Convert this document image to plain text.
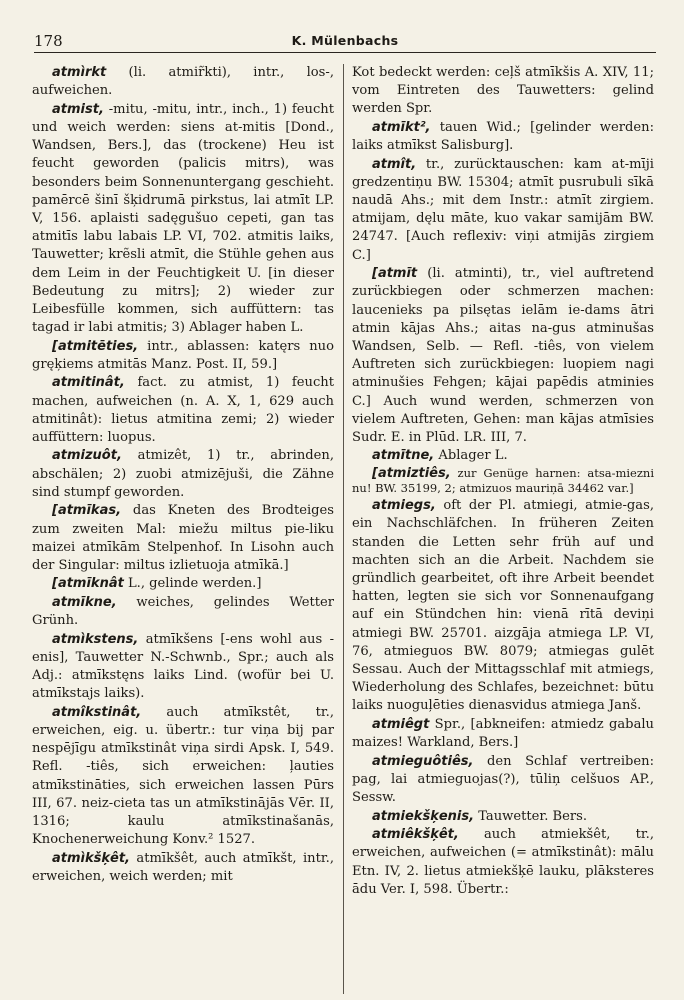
178	K. Mülenbachs

atmìrkt (li. atmir̃kti), intr., los-, aufweichen.

atmist, -mitu, -mitu, intr., inch., 1) feucht und weich werden: siens at-mitis [Dond., Wandsen, Bers.], das (trockene) Heu ist feucht geworden (palicis mitrs), was besonders beim Sonnenuntergang geschieht. pamērcē šinī šķidrumā pirkstus, lai atmīt LP. V, 156. aplaisti sadęgušuo cepeti, gan tas atmitīs labu labais LP. VI, 702. atmitis laiks, Tauwetter; krẽsli atmīt, die Stühle gehen aus dem Leim in der Feuchtigkeit U. [in dieser Bedeutung zu mitrs]; 2) wieder zur Leibesfülle kommen, sich auffüttern: tas tagad ir labi atmitis; 3) Ablager haben L.

[atmitēties, intr., ablassen: katęrs nuo gręķiems atmitās Manz. Post. II, 59.]

atmitinât, fact. zu atmist, 1) feucht machen, aufweichen (n. A. X, 1, 629 auch atmitinât): lietus atmitina zemi; 2) wieder auffüttern: luopus.

atmizuôt, atmizêt, 1) tr., abrinden, abschälen; 2) zuobi atmizējuši, die Zähne sind stumpf geworden.

[atmīkas, das Kneten des Brodteiges zum zweiten Mal: miežu miltus pie-liku maizei atmīkām Stelpenhof. In Lisohn auch der Singular: miltus izlietuoja atmīkā.]

[atmīknât L., gelinde werden.]

atmīkne, weiches, gelindes Wetter Grünh.

atmìkstens, atmīkšens [-ens wohl aus -enis], Tauwetter N.-Schwnb., Spr.; auch als Adj.: atmīkstęns laiks Lind. (wofür bei U. atmīkstajs laiks).

atmîkstinât, auch atmīkstêt, tr., erweichen, eig. u. übertr.: tur viņa bij par nespējīgu atmīkstinât viņa sirdi Apsk. I, 549. Refl. -tiês, sich erweichen: ļauties atmīkstināties, sich erweichen lassen Pūrs III, 67. neiz-cieta tas un atmīkstinājās Vēr. II, 1316; kaulu atmīkstinašanās, Knochenerweichung Konv.² 1527.

atmìkšķêt, atmīkšêt, auch atmīkšt, intr., erweichen, weich werden; mit

Kot bedeckt werden: ceļš atmīkšis A. XIV, 11; vom Eintreten des Tauwetters: gelind werden Spr.

atmīkt², tauen Wid.; [gelinder werden: laiks atmīkst Salisburg].

atmît, tr., zurücktauschen: kam at-mīji gredzentiņu BW. 15304; atmīt pusrubuli sīkā naudā Ahs.; mit dem Instr.: atmīt zirgiem. atmijam, dęlu māte, kuo vakar samijām BW. 24747. [Auch reflexiv: viņi atmijās zirgiem C.]

[atmīt (li. atminti), tr., viel auftretend zurückbiegen oder schmerzen machen: laucenieks pa pilsętas ielām ie-dams ātri atmin kājas Ahs.; aitas na-gus atminušas Wandsen, Selb. — Refl. -tiês, von vielem Auftreten sich zurückbiegen: luopiem nagi atminušies Fehgen; kājai papēdis atminies C.] Auch wund werden, schmerzen von vielem Auftreten, Gehen: man kājas atmīsies Sudr. E. in Plūd. LR. III, 7.

atmītne, Ablager L.

[atmiztiês, zur Genüge harnen: atsa-miezni nu! BW. 35199, 2; atmizuos mauriņā 34462 var.]

atmiegs, oft der Pl. atmiegi, atmie-gas, ein Nachschläfchen. In früheren Zeiten standen die Letten sehr früh auf und machten sich an die Arbeit. Nachdem sie gründlich gearbeitet, oft ihre Arbeit beendet hatten, legten sie sich vor Sonnenaufgang auf ein Stündchen hin: vienā rītā deviņi atmiegi BW. 25701. aizgāja atmiega LP. VI, 76, atmieguos BW. 8079; atmiegas gulēt Sessau. Auch der Mittagsschlaf mit atmiegs, Wiederholung des Schlafes, bezeichnet: būtu laiks nuoguļēties dienasvidus atmiega Janš.

atmiêgt Spr., [abkneifen: atmiedz gabalu maizes! Warkland, Bers.]

atmieguôtiês, den Schlaf vertreiben: pag, lai atmieguojas(?), tūliņ celšuos AP., Sessw.

atmiekšķenis, Tauwetter. Bers.

atmiêkšķêt, auch atmiekšêt, tr., erweichen, aufweichen (= atmīkstinât): mālu Etn. IV, 2. lietus atmiekšķē lauku, plāksteres ādu Ver. I, 598. Übertr.:
